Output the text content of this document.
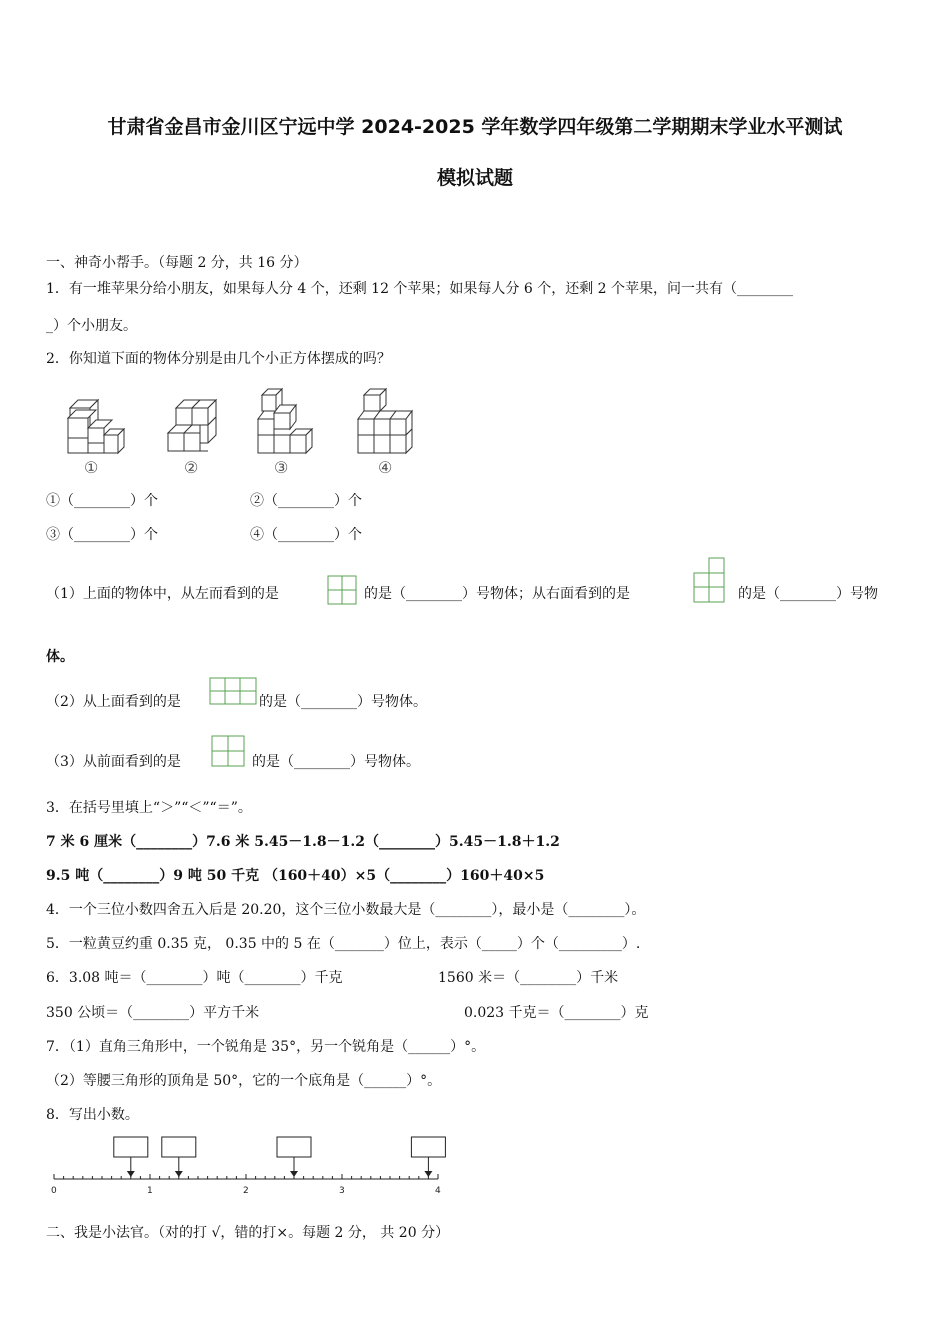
甘肃省金昌市金川区宁远中学 2024-2025 学年数学四年级第二学期期末学业水平测试
模拟试题
一、神奇小帮手。（每题 2 分，共 16 分）
1．有一堆苹果分给小朋友，如果每人分 4 个，还剩 12 个苹果；如果每人分 6 个，还剩 2 个苹果，问一共有（________
_）个小朋友。
2．你知道下面的物体分别是由几个小正方体摆成的吗？
①	②	③	④
①（________）个	②（________）个
③（________）个	④（________）个
（1）上面的物体中，从左而看到的是	的是（________）号物体；从右面看到的是	的是（________）号物
体。
（2）从上面看到的是	的是（________）号物体。
（3）从前面看到的是	的是（________）号物体。
3．在括号里填上“＞”“＜”“＝”。
7 米 6 厘米（________）7.6 米 5.45－1.8－1.2（________）5.45－1.8＋1.2
9.5 吨（________）9 吨 50 千克 （160＋40）×5（________）160＋40×5
4．一个三位小数四舍五入后是 20.20，这个三位小数最大是（________），最小是（________）。
5．一粒黄豆约重 0.35 克， 0.35 中的 5 在（_______）位上，表示（_____）个（_________）.
6．3.08 吨＝（________）吨（________）千克	1560 米＝（________）千米
350 公顷＝（________）平方千米	0.023 千克＝（________）克
7．（1）直角三角形中，一个锐角是 35°，另一个锐角是（______）°。
（2）等腰三角形的顶角是 50°，它的一个底角是（______）°。
8．写出小数。
0	1	2	3	4
二、我是小法官。（对的打 √，错的打×。每题 2 分， 共 20 分）
